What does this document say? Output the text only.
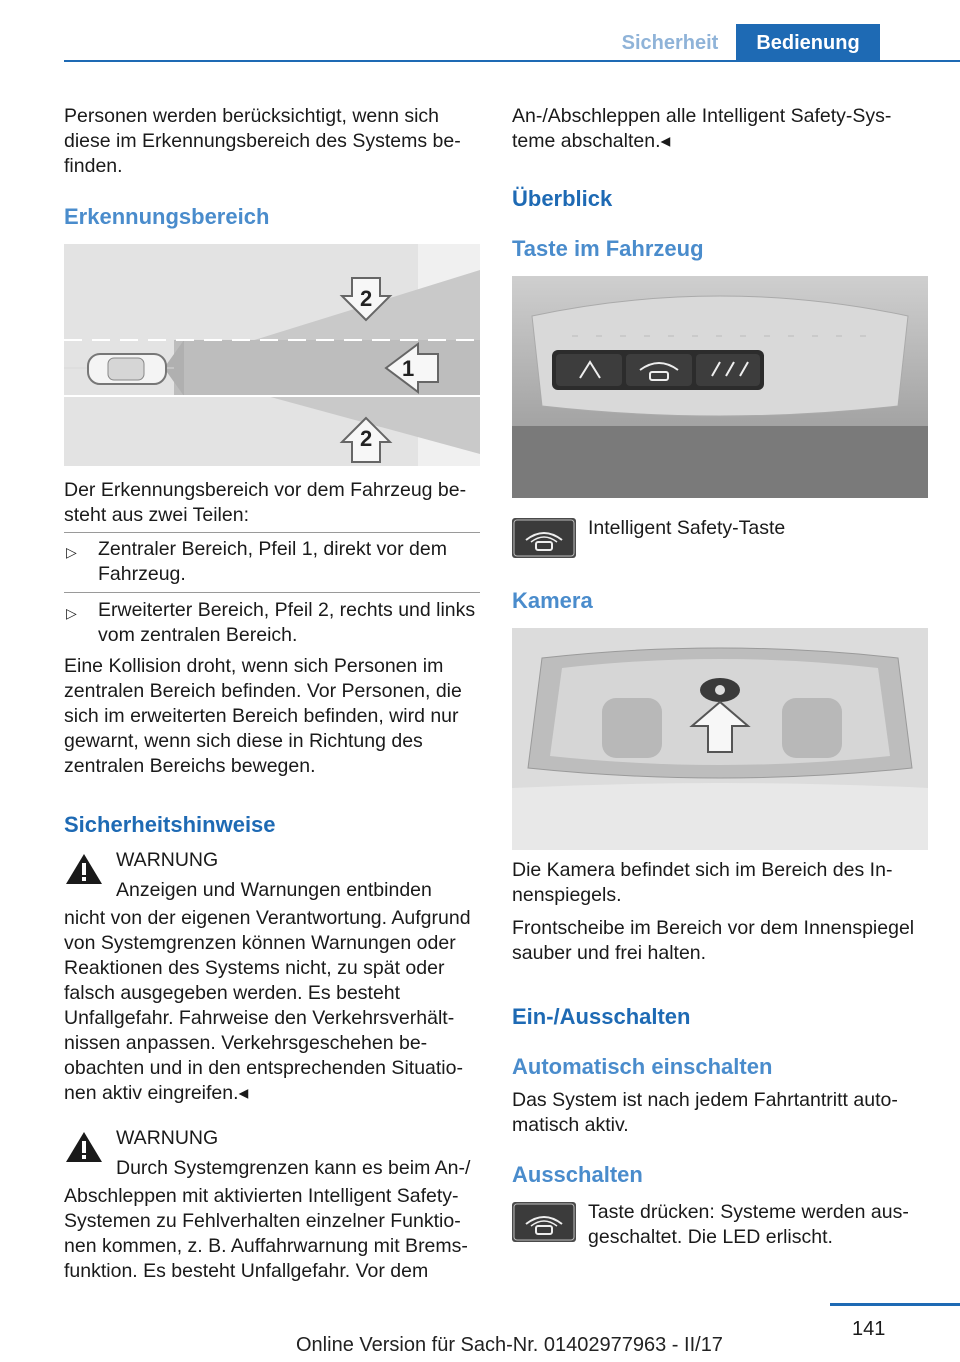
Sicherheit	Bedienung

Personen werden berücksichtigt, wenn sich diese im Erkennungsbereich des Systems befinden.

Erkennungsbereich
1
2
2

Der Erkennungsbereich vor dem Fahrzeug besteht aus zwei Teilen:

▷ Zentraler Bereich, Pfeil 1, direkt vor dem Fahrzeug.
▷ Erweiterter Bereich, Pfeil 2, rechts und links vom zentralen Bereich.

Eine Kollision droht, wenn sich Personen im zentralen Bereich befinden. Vor Personen, die sich im erweiterten Bereich befinden, wird nur gewarnt, wenn sich diese in Richtung des zentralen Bereichs bewegen.

Sicherheitshinweise

WARNUNG

Anzeigen und Warnungen entbinden

nicht von der eigenen Verantwortung. Aufgrund von Systemgrenzen können Warnungen oder Reaktionen des Systems nicht, zu spät oder falsch ausgegeben werden. Es besteht Unfallgefahr. Fahrweise den Verkehrsverhältnissen anpassen. Verkehrsgeschehen beobachten und in den entsprechenden Situationen aktiv eingreifen.◂

WARNUNG

Durch Systemgrenzen kann es beim An-/

Abschleppen mit aktivierten Intelligent Safety-Systemen zu Fehlverhalten einzelner Funktionen kommen, z. B. Auffahrwarnung mit Bremsfunktion. Es besteht Unfallgefahr. Vor dem

An-/Abschleppen alle Intelligent Safety-Systeme abschalten.◂

Überblick
Taste im Fahrzeug

Intelligent Safety-Taste

Kamera

Die Kamera befindet sich im Bereich des Innenspiegels.

Frontscheibe im Bereich vor dem Innenspiegel sauber und frei halten.

Ein-/Ausschalten
Automatisch einschalten

Das System ist nach jedem Fahrtantritt automatisch aktiv.

Ausschalten

Taste drücken: Systeme werden ausgeschaltet. Die LED erlischt.

141
Online Version für Sach-Nr. 01402977963 - II/17
